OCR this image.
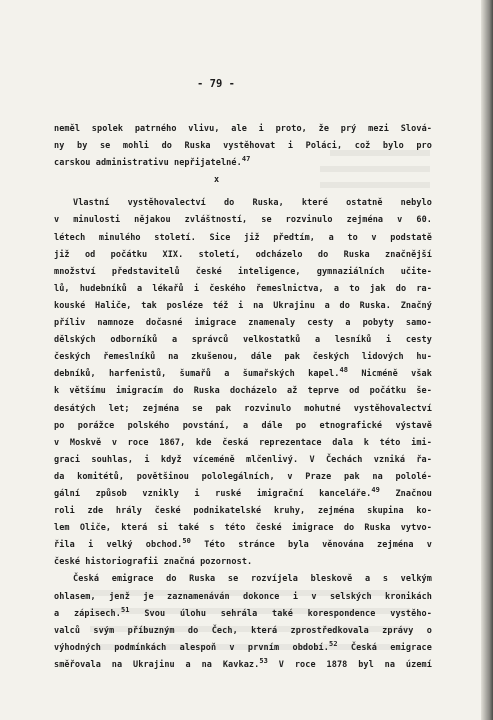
- 79 -
neměl spolek patrného vlivu, ale i proto, že prý mezi Slová-
ny by se mohli do Ruska vystěhovat i Poláci, což bylo pro
carskou administrativu nepřijatelné.$^{47}$
x
Vlastní vystěhovalectví do Ruska, které ostatně nebylo
v minulosti nějakou zvláštností, se rozvinulo zejména v 60.
létech minulého století. Sice již předtím, a to v podstatě
již od počátku XIX. století, odcházelo do Ruska značnější
množství představitelů české inteligence, gymnaziálních učite-
lů, hudebníků a lékařů i českého řemeslnictva, a to jak do ra-
kouské Haliče, tak posléze též i na Ukrajinu a do Ruska. Značný
příliv namnoze dočasné imigrace znamenaly cesty a pobyty samo-
dělských odborníků a správců velkostatků a lesníků i cesty
českých řemeslníků na zkušenou, dále pak českých lidových hu-
debníků, harfenistů, šumařů a šumařských kapel.$^{48}$ Nicméně však
k většímu imigracím do Ruska docházelo až teprve od počátku še-
desátých let; zejména se pak rozvinulo mohutné vystěhovalectví
po porážce polského povstání, a dále po etnografické výstavě
v Moskvě v roce 1867, kde česká reprezentace dala k této imi-
graci souhlas, i když víceméně mlčenlivý. V Čechách vzniká řa-
da komitétů, povětšinou pololegálních, v Praze pak na pololé-
gální způsob vznikly i ruské imigrační kanceláře.$^{49}$ Značnou
roli zde hrály české podnikatelské kruhy, zejména skupina ko-
lem Oliče, která si také s této české imigrace do Ruska vytvo-
řila i velký obchod.$^{50}$ Této stránce byla věnována zejména v
české historiografii značná pozornost.
Česká emigrace do Ruska se rozvíjela bleskově a s velkým
ohlasem, jenž je zaznamenáván dokonce i v selských kronikách
a zápisech.$^{51}$ Svou úlohu sehrála také korespondence vystěho-
valců svým příbuzným do Čech, která zprostředkovala zprávy o
výhodných podmínkách alespoň v prvním období.$^{52}$ Česká emigrace
směřovala na Ukrajinu a na Kavkaz.$^{53}$ V roce 1878 byl na území
